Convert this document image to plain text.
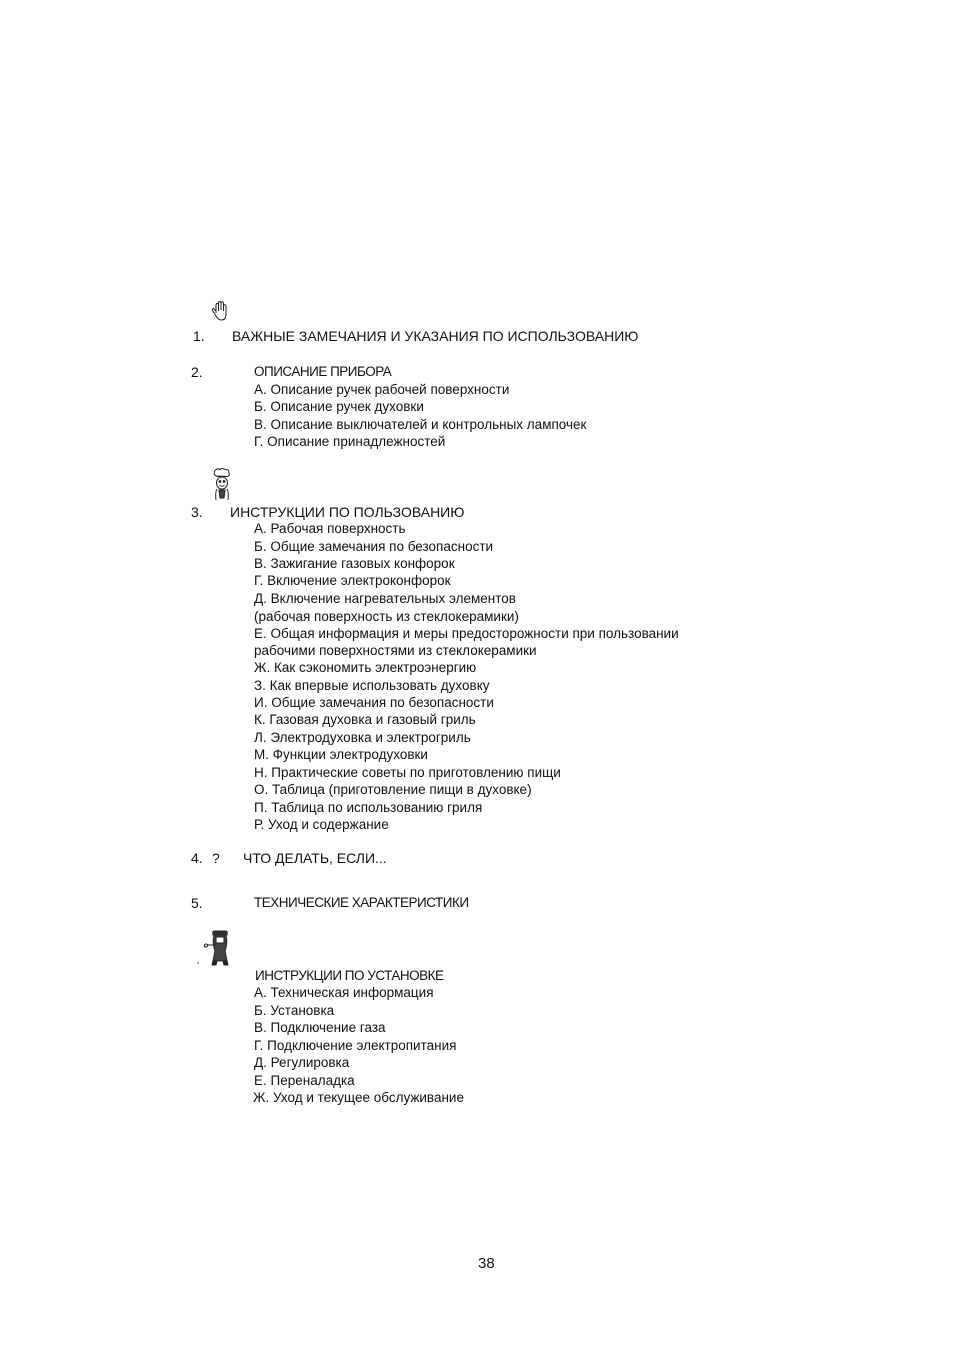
1. ВАЖНЫЕ ЗАМЕЧАНИЯ И УКАЗАНИЯ ПО ИСПОЛЬЗОВАНИЮ
2.	ОПИСАНИЕ ПРИБОРА
А. Описание ручек рабочей поверхности
Б. Описание ручек духовки
В. Описание выключателей и контрольных лампочек
Г. Описание принадлежностей
3. ИНСТРУКЦИИ ПО ПОЛЬЗОВАНИЮ
А. Рабочая поверхность
Б. Общие замечания по безопасности
В. Зажигание газовых конфорок
Г. Включение электроконфорок
Д. Включение нагревательных элементов
(рабочая поверхность из стеклокерамики)
Е. Общая информация и меры предосторожности при пользовании
рабочими поверхностями из стеклокерамики
Ж. Как сэкономить электроэнергию
З. Как впервые использовать духовку
И. Общие замечания по безопасности
К. Газовая духовка и газовый гриль
Л. Электродуховка и электрогриль
М. Функции электродуховки
Н. Практические советы по приготовлению пищи
О. Таблица (приготовление пищи в духовке)
П. Таблица по использованию гриля
Р. Уход и содержание
4. ? ЧТО ДЕЛАТЬ, ЕСЛИ...
5.	ТЕХНИЧЕСКИЕ ХАРАКТЕРИСТИКИ
ИНСТРУКЦИИ ПО УСТАНОВКЕ
А. Техническая информация
Б. Установка
В. Подключение газа
Г. Подключение электропитания
Д. Регулировка
Е. Переналадка
Ж. Уход и текущее обслуживание
38
